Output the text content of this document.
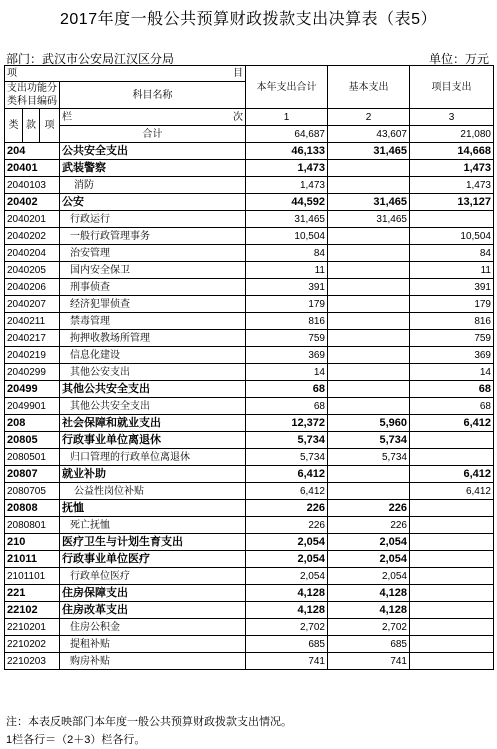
2017年度一般公共预算财政拨款支出决算表（表5）
部门：武汉市公安局江汉区分局	单位：万元
项 目				本年支出合计	基本支出	项目支出
支出功能分类科目编码			科目名称			
类	款	项	栏 次	1	2	3
			合计	64,687	43,607	21,080
204			公共安全支出	46,133	31,465	14,668
20401			武装警察	1,473		1,473
2040103			消防	1,473		1,473
20402			公安	44,592	31,465	13,127
2040201			行政运行	31,465	31,465	
2040202			一般行政管理事务	10,504		10,504
2040204			治安管理	84		84
2040205			国内安全保卫	11		11
2040206			刑事侦查	391		391
2040207			经济犯罪侦查	179		179
2040211			禁毒管理	816		816
2040217			拘押收教场所管理	759		759
2040219			信息化建设	369		369
2040299			其他公安支出	14		14
20499			其他公共安全支出	68		68
2049901			其他公共安全支出	68		68
208			社会保障和就业支出	12,372	5,960	6,412
20805			行政事业单位离退休	5,734	5,734	
2080501			归口管理的行政单位离退休	5,734	5,734	
20807			就业补助	6,412		6,412
2080705			公益性岗位补贴	6,412		6,412
20808			抚恤	226	226	
2080801			死亡抚恤	226	226	
210			医疗卫生与计划生育支出	2,054	2,054	
21011			行政事业单位医疗	2,054	2,054	
2101101			行政单位医疗	2,054	2,054	
221			住房保障支出	4,128	4,128	
22102			住房改革支出	4,128	4,128	
2210201			住房公积金	2,702	2,702	
2210202			提租补贴	685	685	
2210203			购房补贴	741	741	
注：本表反映部门本年度一般公共预算财政拨款支出情况。
1栏各行＝（2＋3）栏各行。
